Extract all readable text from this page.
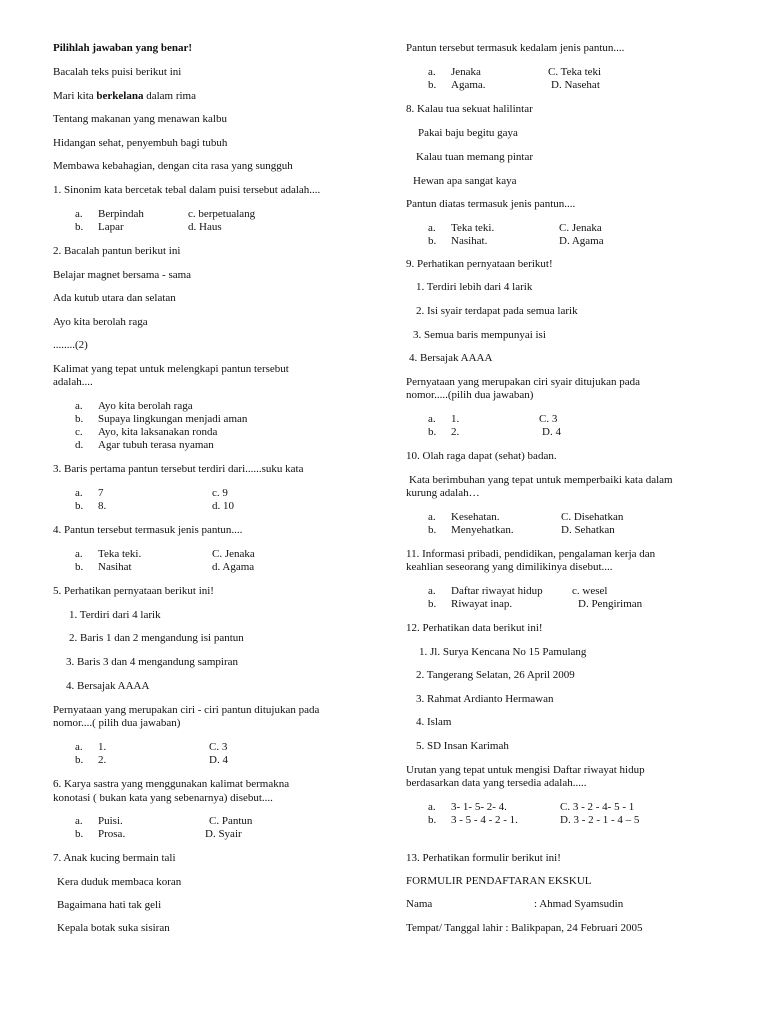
Pilihlah jawaban yang benar!
Bacalah teks puisi berikut ini
Mari kita berkelana dalam rima
Tentang makanan yang menawan kalbu
Hidangan sehat, penyembuh bagi tubuh
Membawa kebahagian, dengan cita rasa yang sungguh
1. Sinonim kata bercetak tebal dalam puisi tersebut adalah....
a. Berpindah	c. berpetualang
b. Lapar	d. Haus
2. Bacalah pantun berikut ini
Belajar magnet bersama - sama
Ada kutub utara dan selatan
Ayo kita berolah raga
........(2)
Kalimat yang tepat untuk melengkapi pantun tersebut
adalah....
a. Ayo kita berolah raga
b. Supaya lingkungan menjadi aman
c. Ayo, kita laksanakan ronda
d. Agar tubuh terasa nyaman
3. Baris pertama pantun tersebut terdiri dari......suku kata
a. 7	c. 9
b. 8.	d. 10
4. Pantun tersebut termasuk jenis pantun....
a. Teka teki.	C. Jenaka
b. Nasihat	d. Agama
5. Perhatikan pernyataan berikut ini!
1. Terdiri dari 4 larik
2. Baris 1 dan 2 mengandung isi pantun
3. Baris 3 dan 4 mengandung sampiran
4. Bersajak AAAA
Pernyataan yang merupakan ciri - ciri pantun ditujukan pada
nomor....( pilih dua jawaban)
a. 1.	C. 3
b. 2.	D. 4
6. Karya sastra yang menggunakan kalimat bermakna
konotasi ( bukan kata yang sebenarnya) disebut....
a. Puisi.	C. Pantun
b. Prosa.	D. Syair
7. Anak kucing bermain tali
Kera duduk membaca koran
Bagaimana hati tak geli
Kepala botak suka sisiran
Pantun tersebut termasuk kedalam jenis pantun....
a. Jenaka	C. Teka teki
b. Agama.	D. Nasehat
8. Kalau tua sekuat halilintar
Pakai baju begitu gaya
Kalau tuan memang pintar
Hewan apa sangat kaya
Pantun diatas termasuk jenis pantun....
a. Teka teki.	C. Jenaka
b. Nasihat.	D. Agama
9. Perhatikan pernyataan berikut!
1. Terdiri lebih dari 4 larik
2. Isi syair terdapat pada semua larik
3. Semua baris mempunyai isi
4. Bersajak AAAA
Pernyataan yang merupakan ciri syair ditujukan pada
nomor.....(pilih dua jawaban)
a. 1.	C. 3
b. 2.	D. 4
10. Olah raga dapat (sehat) badan.
Kata berimbuhan yang tepat untuk memperbaiki kata dalam
kurung adalah…
a. Kesehatan.	C. Disehatkan
b. Menyehatkan.	D. Sehatkan
11. Informasi pribadi, pendidikan, pengalaman kerja dan
keahlian seseorang yang dimilikinya disebut....
a. Daftar riwayat hidup	c. wesel
b. Riwayat inap.	D. Pengiriman
12. Perhatikan data berikut ini!
1. Jl. Surya Kencana No 15 Pamulang
2. Tangerang Selatan, 26 April 2009
3. Rahmat Ardianto Hermawan
4. Islam
5. SD Insan Karimah
Urutan yang tepat untuk mengisi Daftar riwayat hidup
berdasarkan data yang tersedia adalah.....
a. 3- 1- 5- 2- 4.	C. 3 - 2 - 4- 5 - 1
b. 3 - 5 - 4 - 2 - 1.	D. 3 - 2 - 1 - 4 – 5
13. Perhatikan formulir berikut ini!
FORMULIR PENDAFTARAN EKSKUL
Nama	: Ahmad Syamsudin
Tempat/ Tanggal lahir : Balikpapan, 24 Februari 2005
